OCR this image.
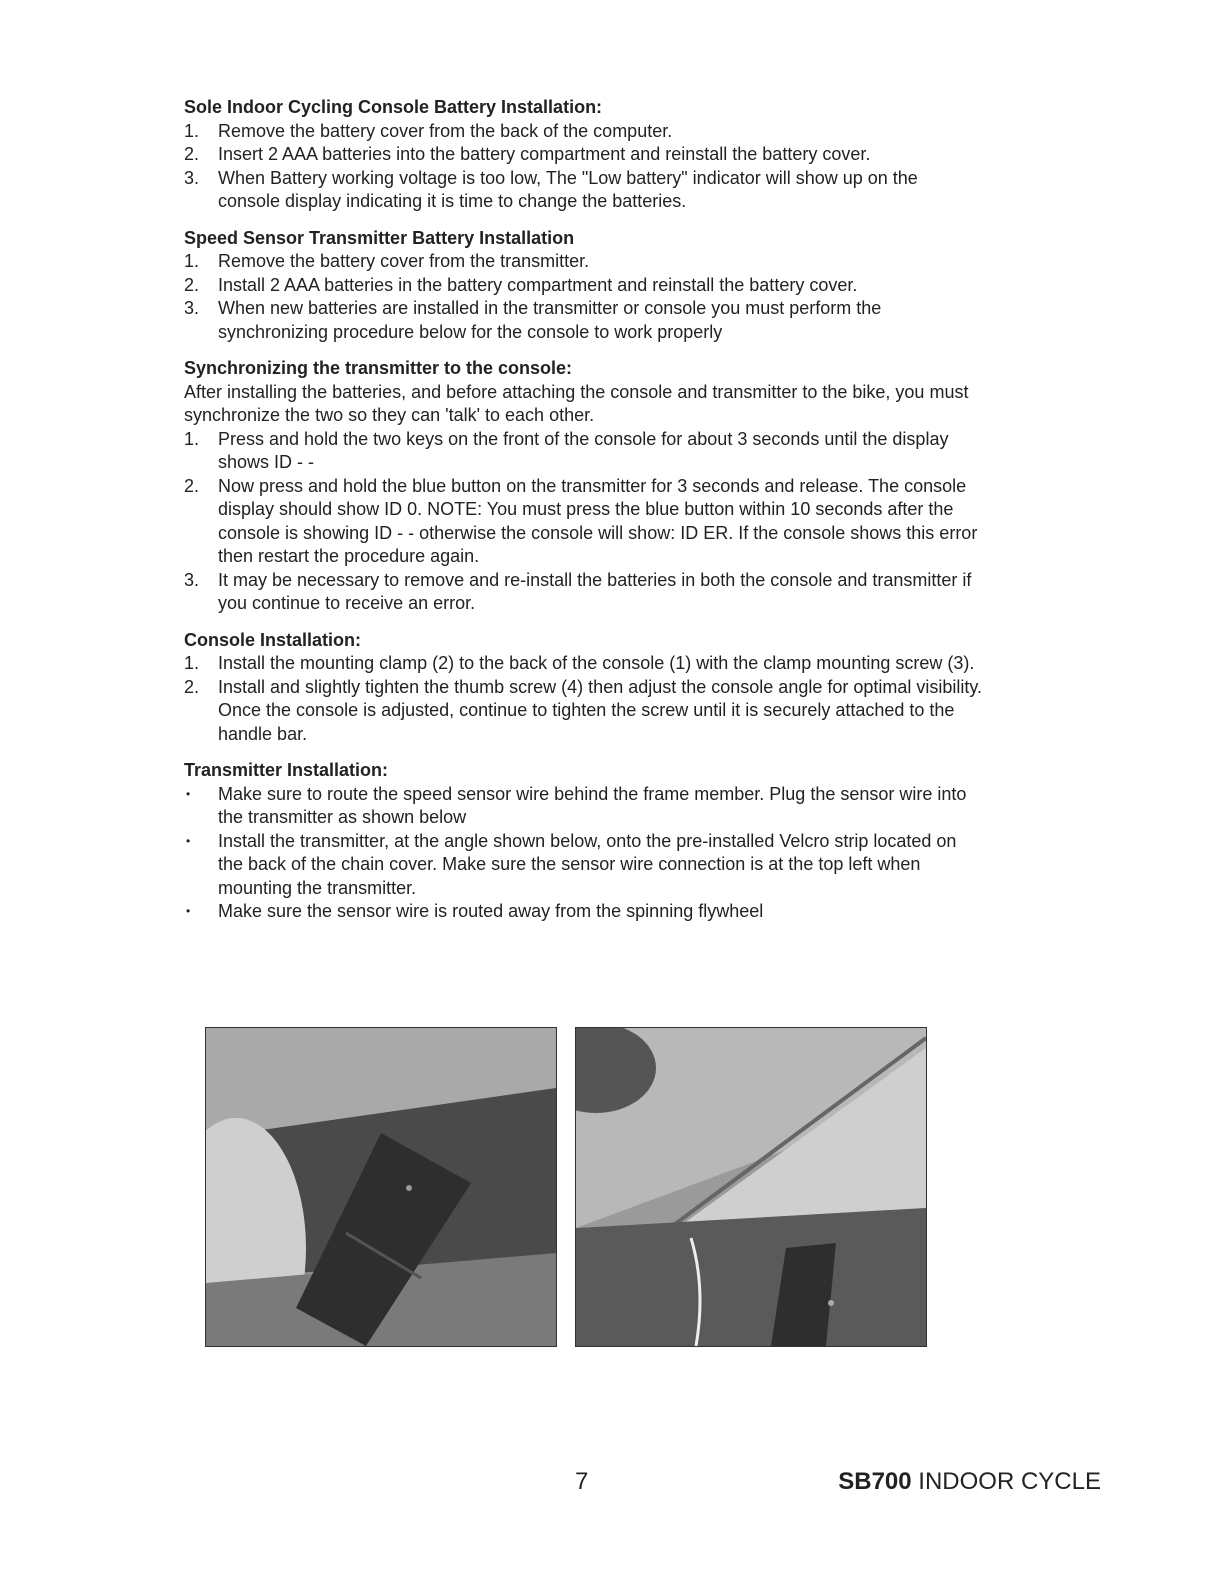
Sole Indoor Cycling Console Battery Installation:

1. Remove the battery cover from the back of the computer.
2. Insert 2 AAA batteries into the battery compartment and reinstall the battery cover.
3. When Battery working voltage is too low, The "Low battery" indicator will show up on the console display indicating it is time to change the batteries.

Speed Sensor Transmitter Battery Installation

1. Remove the battery cover from the transmitter.
2. Install 2 AAA batteries in the battery compartment and reinstall the battery cover.
3. When new batteries are installed in the transmitter or console you must perform the synchronizing procedure below for the console to work properly

Synchronizing the transmitter to the console:

After installing the batteries, and before attaching the console and transmitter to the bike, you must synchronize the two so they can 'talk' to each other.

1. Press and hold the two keys on the front of the console for about 3 seconds until the display shows ID - -
2. Now press and hold the blue button on the transmitter for 3 seconds and release. The console display should show ID 0. NOTE: You must press the blue button within 10 seconds after the console is showing ID - - otherwise the console will show: ID ER. If the console shows this error then restart the procedure again.
3. It may be necessary to remove and re-install the batteries in both the console and transmitter if you continue to receive an error.

Console Installation:

1. Install the mounting clamp (2) to the back of the console (1) with the clamp mounting screw (3).
2. Install and slightly tighten the thumb screw (4) then adjust the console angle for optimal visibility. Once the console is adjusted, continue to tighten the screw until it is securely attached to the handle bar.

Transmitter Installation:

• Make sure to route the speed sensor wire behind the frame member. Plug the sensor wire into the transmitter as shown below
• Install the transmitter, at the angle shown below, onto the pre-installed Velcro strip located on the back of the chain cover. Make sure the sensor wire connection is at the top left when mounting the transmitter.
• Make sure the sensor wire is routed away from the spinning flywheel
7	SB700 INDOOR CYCLE
